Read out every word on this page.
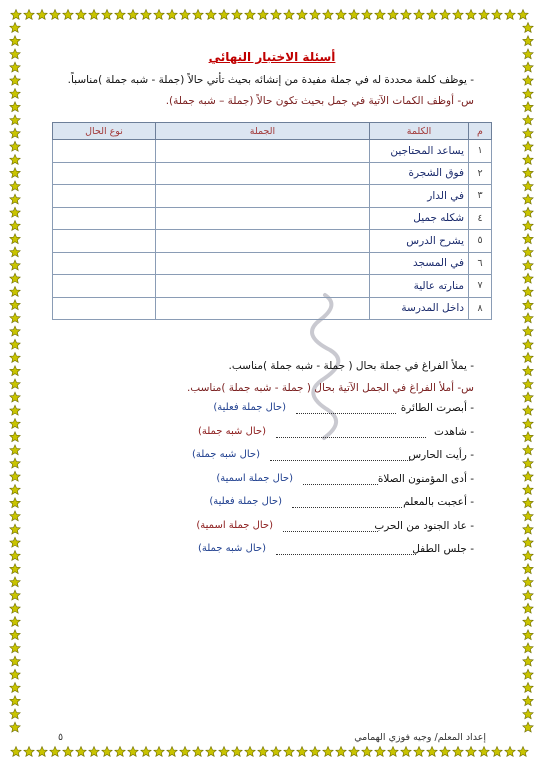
أسئلة الاختبار النهائي
- يوظف كلمة محددة له في جملة مفيدة من إنشائه بحيث تأتي حالاً (جملة - شبه جملة )مناسباً.
س- أوظف الكمات الآتية في جمل بحيث تكون حالاً (جملة – شبه جملة).
م	الكلمة	الجملة	نوع الحال
١	يساعد المحتاجين		
٢	فوق الشجرة		
٣	في الدار		
٤	شكله جميل		
٥	يشرح الدرس		
٦	في المسجد		
٧	منارته عالية		
٨	داخل المدرسة		
- يملأ الفراغ في جملة بحال ( جملة - شبه جملة )مناسب.
س- أملأ الفراغ في الجمل الآتية بحال ( جملة - شبه جملة )مناسب.
- أبصرت الطائرة
(حال جملة فعلية)
- شاهدت
(حال شبه جملة)
- رأيت الحارس
(حال شبه جملة)
- أدى المؤمنون الصلاة
(حال جملة اسمية)
- أعجبت بالمعلم
(حال جملة فعلية)
- عاد الجنود من الحرب
(حال جملة اسمية)
- جلس الطفل
(حال شبه جملة)
إعداد المعلم/ وجيه فوزي الهمامي
٥
